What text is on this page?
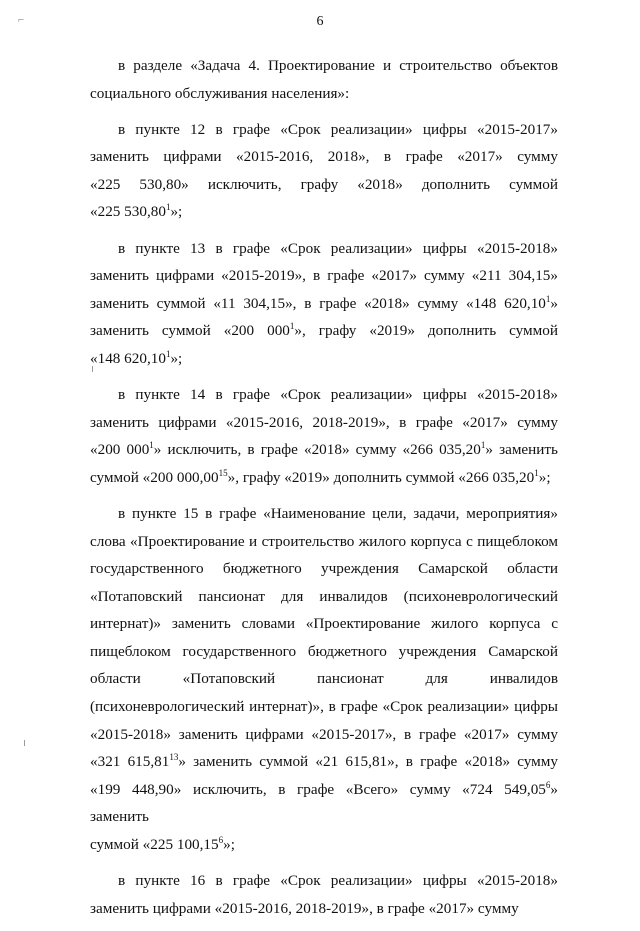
⌐	6
в разделе «Задача 4. Проектирование и строительство объектов
социального обслуживания населения»:
в пункте 12 в графе «Срок реализации» цифры «2015-2017»
заменить цифрами «2015-2016, 2018», в графе «2017» сумму
«225 530,80» исключить, графу «2018» дополнить суммой
«225 530,80$^1$»;
в пункте 13 в графе «Срок реализации» цифры «2015-2018»
заменить цифрами «2015-2019», в графе «2017» сумму «211 304,15»
заменить суммой «11 304,15», в графе «2018» сумму «148 620,10$^1$»
заменить суммой «200 $000^1$», графу «2019» дополнить суммой
«148 620,10$^1$»;
в пункте 14 в графе «Срок реализации» цифры «2015-2018»
заменить цифрами «2015-2016, 2018-2019», в графе «2017» сумму
«200 $000^1$» исключить, в графе «2018» сумму «266 035,20$^1$» заменить
суммой «200 000,00$^{15}$», графу «2019» дополнить суммой «266 035,20$^1$»;
в пункте 15 в графе «Наименование цели, задачи, мероприятия»
слова «Проектирование и строительство жилого корпуса с пищеблоком
государственного бюджетного учреждения Самарской области
«Потаповский пансионат для инвалидов (психоневрологический
интернат)» заменить словами «Проектирование жилого корпуса с
пищеблоком государственного бюджетного учреждения Самарской
области «Потаповский пансионат для инвалидов
(психоневрологический интернат)», в графе «Срок реализации» цифры
«2015-2018» заменить цифрами «2015-2017», в графе «2017» сумму
«321 615,81$^{13}$» заменить суммой «21 615,81», в графе «2018» сумму
«199 448,90» исключить, в графе «Всего» сумму «724 549,05$^6$» заменить
суммой «225 100,15$^6$»;
в пункте 16 в графе «Срок реализации» цифры «2015-2018»
заменить цифрами «2015-2016, 2018-2019», в графе «2017» сумму
